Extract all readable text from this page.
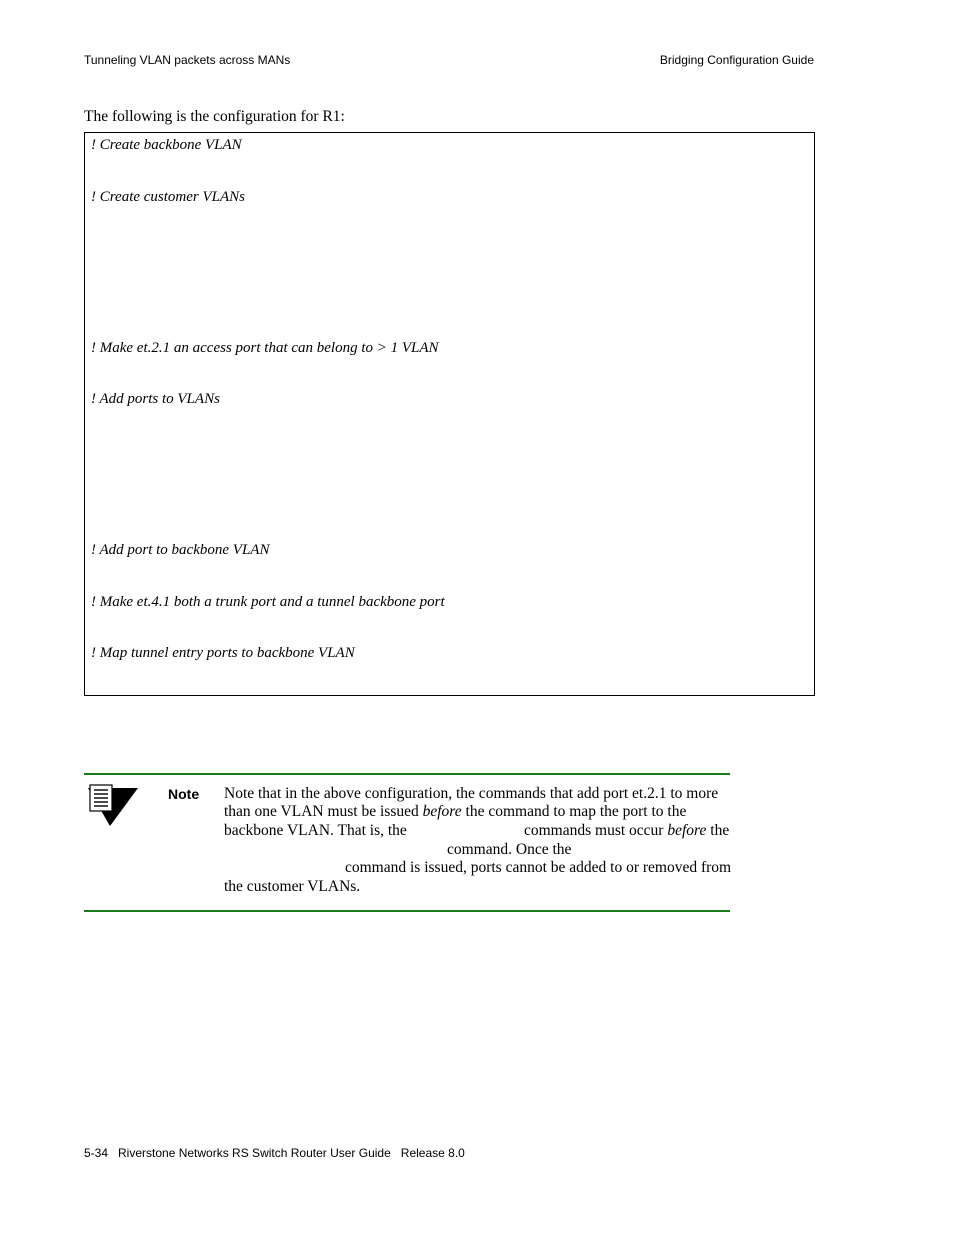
Tunneling VLAN packets across MANs	Bridging Configuration Guide
The following is the configuration for R1:
! Create backbone VLAN
! Create customer VLANs
! Make et.2.1 an access port that can belong to > 1 VLAN
! Add ports to VLANs
! Add port to backbone VLAN
! Make et.4.1 both a trunk port and a tunnel backbone port
! Map tunnel entry ports to backbone VLAN
Note Note that in the above configuration, the commands that add port et.2.1 to more
than one VLAN must be issued before the command to map the port to the
backbone VLAN. That is, the	commands must occur before the
command. Once the
command is issued, ports cannot be added to or removed from
the customer VLANs.
5-34   Riverstone Networks RS Switch Router User Guide   Release 8.0
